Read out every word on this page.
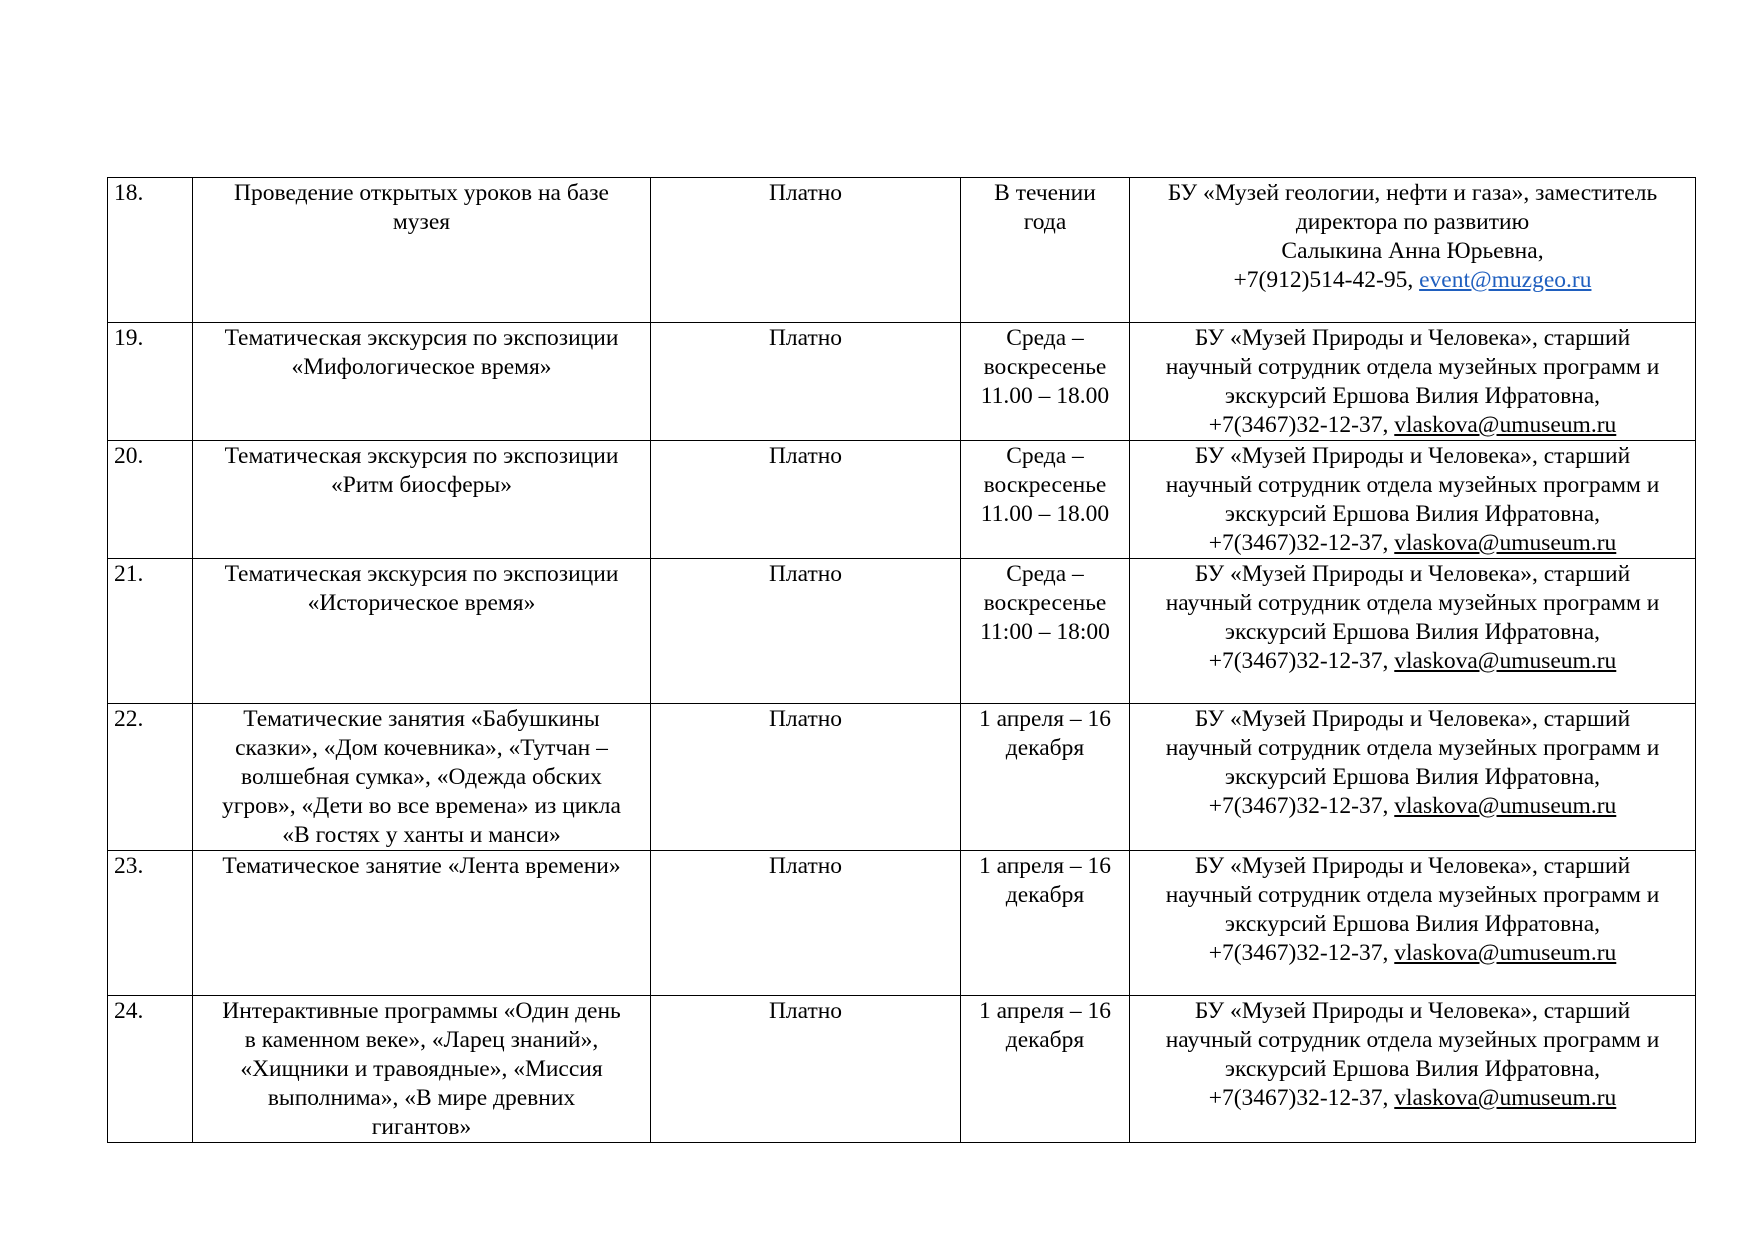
18.	Проведение открытых уроков на базе
музея	Платно	В течении
года	БУ «Музей геологии, нефти и газа», заместитель
директора по развитию
Салыкина Анна Юрьевна,
+7(912)514-42-95, event@muzgeo.ru

19.	Тематическая экскурсия по экспозиции
«Мифологическое время»	Платно	Среда –
воскресенье
11.00 – 18.00	БУ «Музей Природы и Человека», старший
научный сотрудник отдела музейных программ и
экскурсий Ершова Вилия Ифратовна,
+7(3467)32-12-37, vlaskova@umuseum.ru

20.	Тематическая экскурсия по экспозиции
«Ритм биосферы»	Платно	Среда –
воскресенье
11.00 – 18.00	БУ «Музей Природы и Человека», старший
научный сотрудник отдела музейных программ и
экскурсий Ершова Вилия Ифратовна,
+7(3467)32-12-37, vlaskova@umuseum.ru

21.	Тематическая экскурсия по экспозиции
«Историческое время»	Платно	Среда –
воскресенье
11:00 – 18:00	БУ «Музей Природы и Человека», старший
научный сотрудник отдела музейных программ и
экскурсий Ершова Вилия Ифратовна,
+7(3467)32-12-37, vlaskova@umuseum.ru

22.	Тематические занятия «Бабушкины
сказки», «Дом кочевника», «Тутчан –
волшебная сумка», «Одежда обских
угров», «Дети во все времена» из цикла
«В гостях у ханты и манси»	Платно	1 апреля – 16
декабря	БУ «Музей Природы и Человека», старший
научный сотрудник отдела музейных программ и
экскурсий Ершова Вилия Ифратовна,
+7(3467)32-12-37, vlaskova@umuseum.ru

23.	Тематическое занятие «Лента времени»	Платно	1 апреля – 16
декабря	БУ «Музей Природы и Человека», старший
научный сотрудник отдела музейных программ и
экскурсий Ершова Вилия Ифратовна,
+7(3467)32-12-37, vlaskova@umuseum.ru

24.	Интерактивные программы «Один день
в каменном веке», «Ларец знаний»,
«Хищники и травоядные», «Миссия
выполнима», «В мире древних
гигантов»	Платно	1 апреля – 16
декабря	БУ «Музей Природы и Человека», старший
научный сотрудник отдела музейных программ и
экскурсий Ершова Вилия Ифратовна,
+7(3467)32-12-37, vlaskova@umuseum.ru
